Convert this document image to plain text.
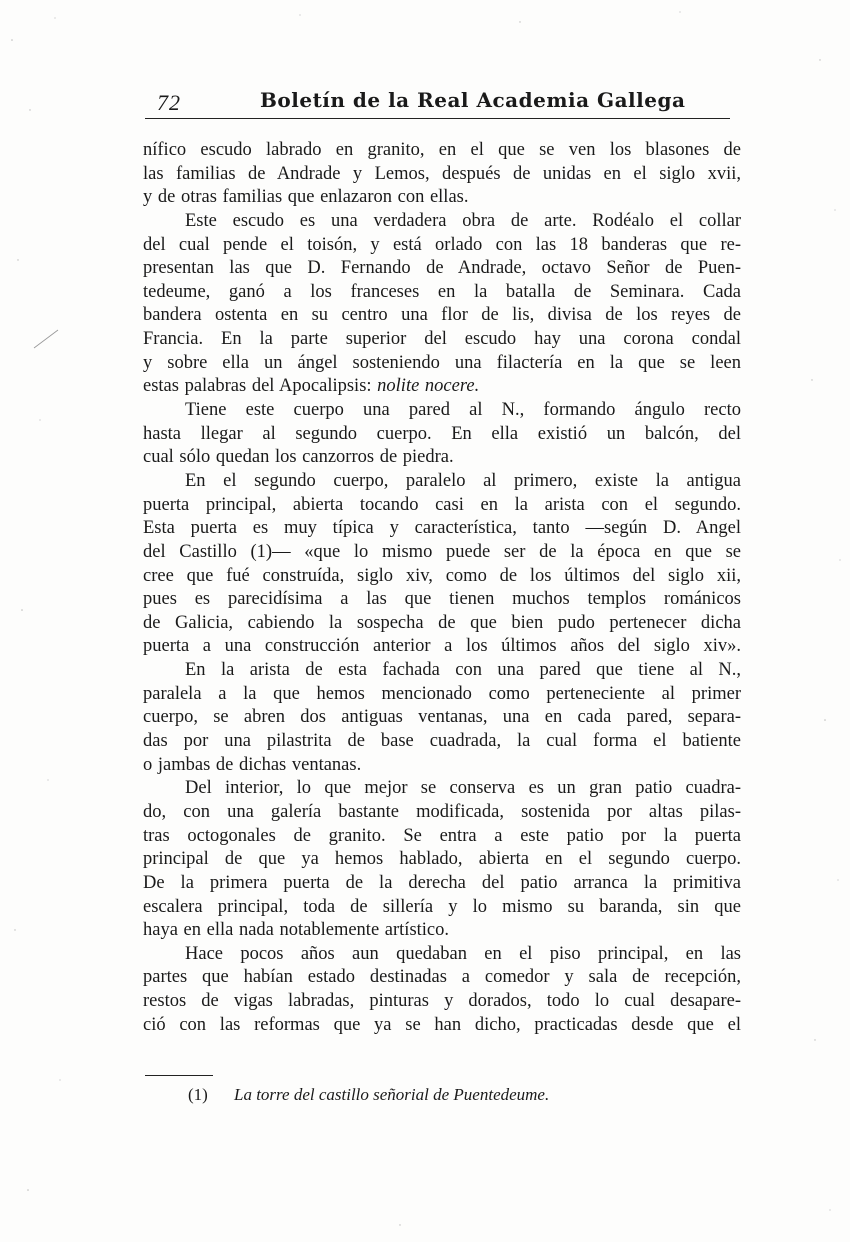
72	Boletín de la Real Academia Gallega
nífico escudo labrado en granito, en el que se ven los blasones de
las familias de Andrade y Lemos, después de unidas en el siglo xvii,
y de otras familias que enlazaron con ellas.
Este escudo es una verdadera obra de arte. Rodéalo el collar
del cual pende el toisón, y está orlado con las 18 banderas que re-
presentan las que D. Fernando de Andrade, octavo Señor de Puen-
tedeume, ganó a los franceses en la batalla de Seminara. Cada
bandera ostenta en su centro una flor de lis, divisa de los reyes de
Francia. En la parte superior del escudo hay una corona condal
y sobre ella un ángel sosteniendo una filactería en la que se leen
estas palabras del Apocalipsis: nolite nocere.
Tiene este cuerpo una pared al N., formando ángulo recto
hasta llegar al segundo cuerpo. En ella existió un balcón, del
cual sólo quedan los canzorros de piedra.
En el segundo cuerpo, paralelo al primero, existe la antigua
puerta principal, abierta tocando casi en la arista con el segundo.
Esta puerta es muy típica y característica, tanto —según D. Angel
del Castillo (1)— «que lo mismo puede ser de la época en que se
cree que fué construída, siglo xiv, como de los últimos del siglo xii,
pues es parecidísima a las que tienen muchos templos románicos
de Galicia, cabiendo la sospecha de que bien pudo pertenecer dicha
puerta a una construcción anterior a los últimos años del siglo xiv».
En la arista de esta fachada con una pared que tiene al N.,
paralela a la que hemos mencionado como perteneciente al primer
cuerpo, se abren dos antiguas ventanas, una en cada pared, separa-
das por una pilastrita de base cuadrada, la cual forma el batiente
o jambas de dichas ventanas.
Del interior, lo que mejor se conserva es un gran patio cuadra-
do, con una galería bastante modificada, sostenida por altas pilas-
tras octogonales de granito. Se entra a este patio por la puerta
principal de que ya hemos hablado, abierta en el segundo cuerpo.
De la primera puerta de la derecha del patio arranca la primitiva
escalera principal, toda de sillería y lo mismo su baranda, sin que
haya en ella nada notablemente artístico.
Hace pocos años aun quedaban en el piso principal, en las
partes que habían estado destinadas a comedor y sala de recepción,
restos de vigas labradas, pinturas y dorados, todo lo cual desapare-
ció con las reformas que ya se han dicho, practicadas desde que el
(1) La torre del castillo señorial de Puentedeume.
